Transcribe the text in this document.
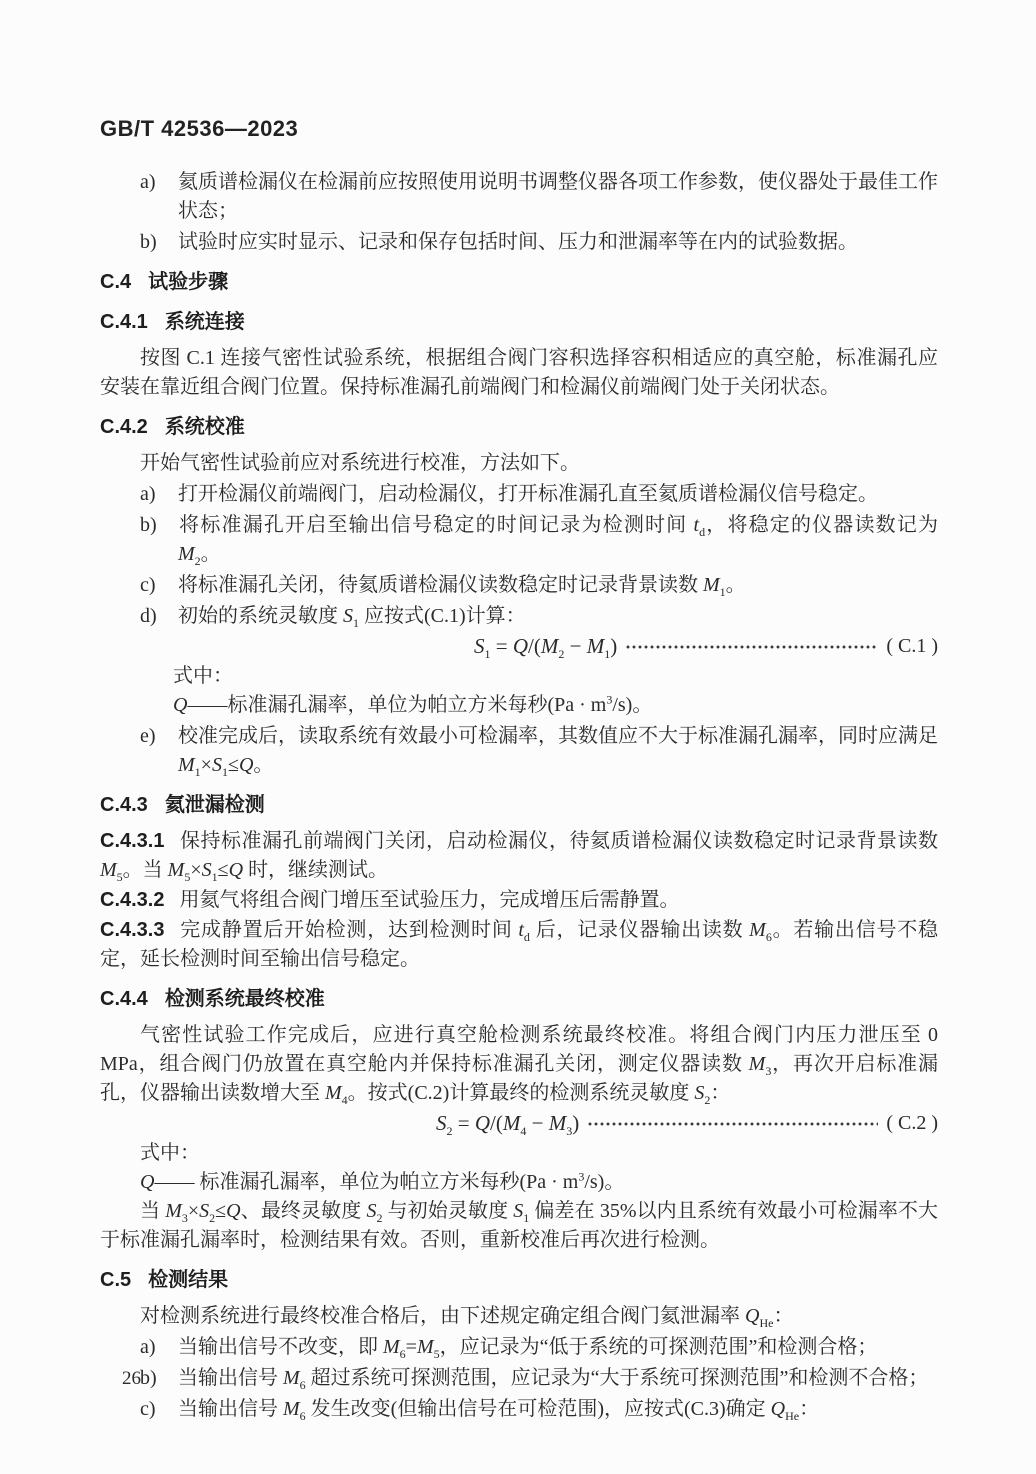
GB/T 42536—2023
a) 氦质谱检漏仪在检漏前应按照使用说明书调整仪器各项工作参数，使仪器处于最佳工作状态；
b) 试验时应实时显示、记录和保存包括时间、压力和泄漏率等在内的试验数据。
C.4 试验步骤
C.4.1 系统连接

按图 C.1 连接气密性试验系统，根据组合阀门容积选择容积相适应的真空舱，标准漏孔应安装在靠近组合阀门位置。保持标准漏孔前端阀门和检漏仪前端阀门处于关闭状态。

C.4.2 系统校准

开始气密性试验前应对系统进行校准，方法如下。

a) 打开检漏仪前端阀门，启动检漏仪，打开标准漏孔直至氦质谱检漏仪信号稳定。
b) 将标准漏孔开启至输出信号稳定的时间记录为检测时间 $t_d$，将稳定的仪器读数记为 $M_2$。
c) 将标准漏孔关闭，待氦质谱检漏仪读数稳定时记录背景读数 $M_1$。
d) 初始的系统灵敏度 $S_1$ 应按式(C.1)计算：
$S_1 = Q/(M_2 - M_1)$	( C.1 )

式中：

Q——标准漏孔漏率，单位为帕立方米每秒$(Pa \cdot m^3/s)$。

e) 校准完成后，读取系统有效最小可检漏率，其数值应不大于标准漏孔漏率，同时应满足 $M_1\times S_1\le Q$。
C.4.3 氦泄漏检测

C.4.3.1 保持标准漏孔前端阀门关闭，启动检漏仪，待氦质谱检漏仪读数稳定时记录背景读数 $M_5$。当 $M_5\times S_1\le Q$ 时，继续测试。

C.4.3.2 用氦气将组合阀门增压至试验压力，完成增压后需静置。

C.4.3.3 完成静置后开始检测，达到检测时间 $t_d$ 后，记录仪器输出读数 $M_6$。若输出信号不稳定，延长检测时间至输出信号稳定。

C.4.4 检测系统最终校准

气密性试验工作完成后，应进行真空舱检测系统最终校准。将组合阀门内压力泄压至 0 MPa，组合阀门仍放置在真空舱内并保持标准漏孔关闭，测定仪器读数 $M_3$，再次开启标准漏孔，仪器输出读数增大至 $M_4$。按式(C.2)计算最终的检测系统灵敏度 $S_2$：

$S_2 = Q/(M_4 - M_3)$	( C.2 )

式中：

Q—— 标准漏孔漏率，单位为帕立方米每秒$(Pa \cdot m^3/s)$。

当 $M_3\times S_2\le Q$、最终灵敏度 $S_2$ 与初始灵敏度 $S_1$ 偏差在 35%以内且系统有效最小可检漏率不大于标准漏孔漏率时，检测结果有效。否则，重新校准后再次进行检测。

C.5 检测结果

对检测系统进行最终校准合格后，由下述规定确定组合阀门氦泄漏率 $Q_{He}$：

a) 当输出信号不改变，即 $M_6=M_5$，应记录为“低于系统的可探测范围”和检测合格；
b) 当输出信号 $M_6$ 超过系统可探测范围，应记录为“大于系统可探测范围”和检测不合格；
c) 当输出信号 $M_6$ 发生改变(但输出信号在可检范围)，应按式(C.3)确定 $Q_{He}$：
26
